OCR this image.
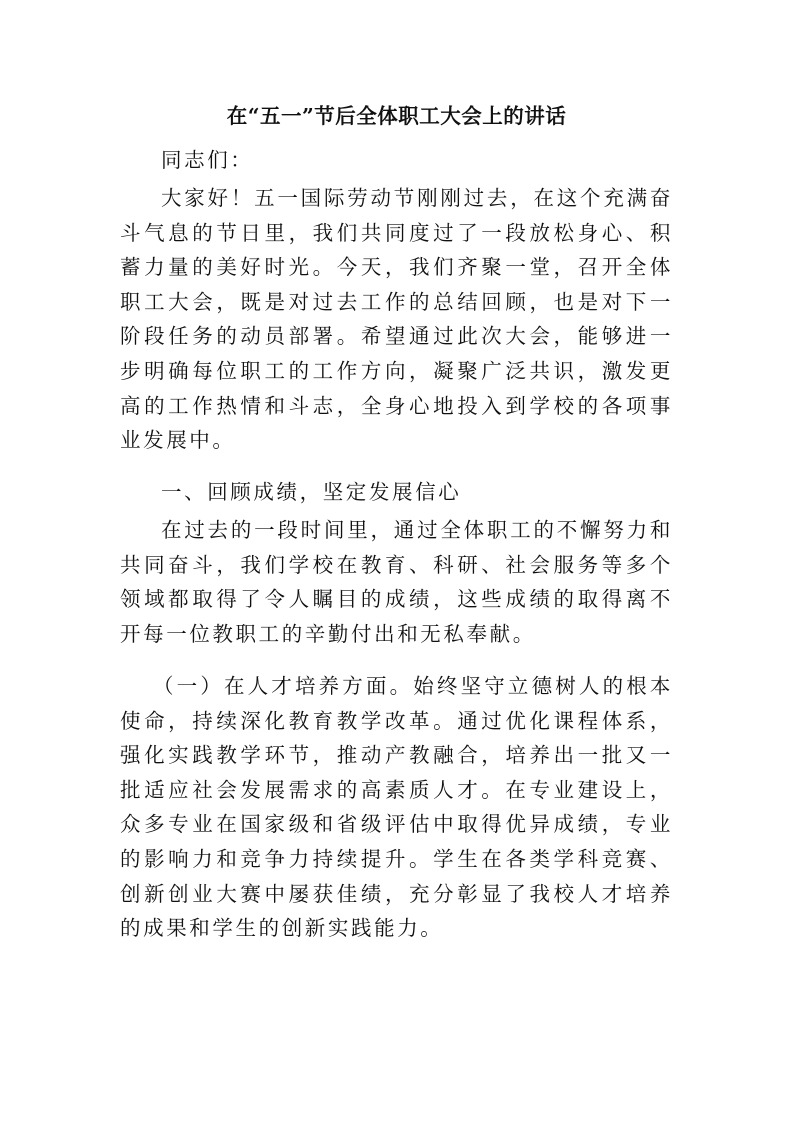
在“五一”节后全体职工大会上的讲话

同志们：

大家好！五一国际劳动节刚刚过去，在这个充满奋斗气息的节日里，我们共同度过了一段放松身心、积蓄力量的美好时光。今天，我们齐聚一堂，召开全体职工大会，既是对过去工作的总结回顾，也是对下一阶段任务的动员部署。希望通过此次大会，能够进一步明确每位职工的工作方向，凝聚广泛共识，激发更高的工作热情和斗志，全身心地投入到学校的各项事业发展中。

一、回顾成绩，坚定发展信心

在过去的一段时间里，通过全体职工的不懈努力和共同奋斗，我们学校在教育、科研、社会服务等多个领域都取得了令人瞩目的成绩，这些成绩的取得离不开每一位教职工的辛勤付出和无私奉献。

（一）在人才培养方面。始终坚守立德树人的根本使命，持续深化教育教学改革。通过优化课程体系，强化实践教学环节，推动产教融合，培养出一批又一批适应社会发展需求的高素质人才。在专业建设上，众多专业在国家级和省级评估中取得优异成绩，专业的影响力和竞争力持续提升。学生在各类学科竞赛、创新创业大赛中屡获佳绩，充分彰显了我校人才培养的成果和学生的创新实践能力。
